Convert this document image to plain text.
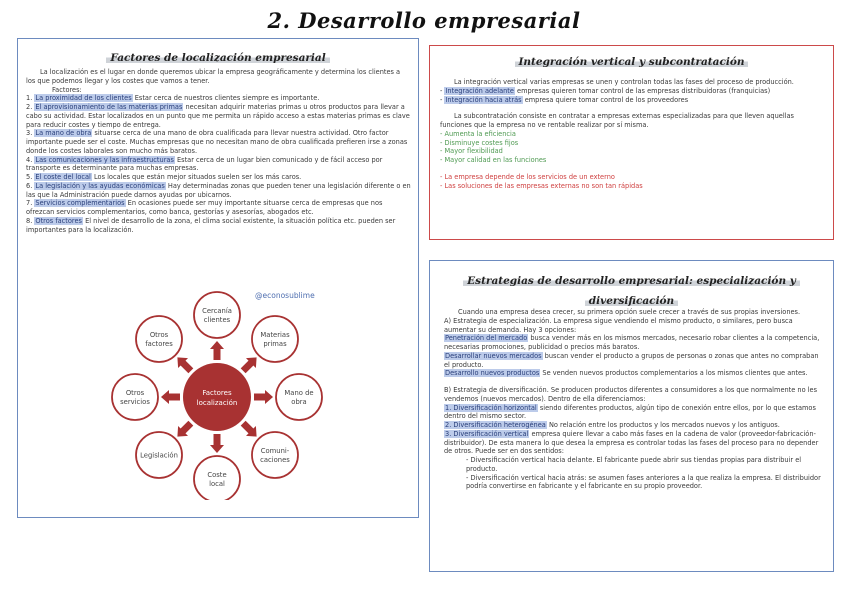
2. Desarrollo empresarial
Factores de localización empresarial

La localización es el lugar en donde queremos ubicar la empresa geográficamente y determina los clientes a los que podemos llegar y los costes que vamos a tener.

Factores:

1. La proximidad de los clientes Estar cerca de nuestros clientes siempre es importante.

2. El aprovisionamiento de las materias primas necesitan adquirir materias primas u otros productos para llevar a cabo su actividad. Estar localizados en un punto que me permita un rápido acceso a estas materias primas es clave para reducir costes y tiempo de entrega.

3. La mano de obra situarse cerca de una mano de obra cualificada para llevar nuestra actividad. Otro factor importante puede ser el coste. Muchas empresas que no necesitan mano de obra cualificada prefieren irse a zonas donde los costes laborales son mucho más baratos.

4. Las comunicaciones y las infraestructuras Estar cerca de un lugar bien comunicado y de fácil acceso por transporte es determinante para muchas empresas.

5. El coste del local Los locales que están mejor situados suelen ser los más caros.

6. La legislación y las ayudas económicas Hay determinadas zonas que pueden tener una legislación diferente o en las que la Administración puede darnos ayudas por ubicarnos.

7. Servicios complementarios En ocasiones puede ser muy importante situarse cerca de empresas que nos ofrezcan servicios complementarios, como banca, gestorías y asesorías, abogados etc.

8. Otros factores El nivel de desarrollo de la zona, el clima social existente, la situación política etc. pueden ser importantes para la localización.

@econosublime
Cercanía
clientes
Materias
primas
Mano de
obra
Comuni-
caciones
Coste
local
Legislación
Otros
servicios
Otros
factores
Factores
localización
Integración vertical y subcontratación

La integración vertical varias empresas se unen y controlan todas las fases del proceso de producción.

- Integración adelante empresas quieren tomar control de las empresas distribuidoras (franquicias)

- Integración hacia atrás empresa quiere tomar control de los proveedores

La subcontratación consiste en contratar a empresas externas especializadas para que lleven aquellas funciones que la empresa no ve rentable realizar por sí misma.

- Aumenta la eficiencia

- Disminuye costes fijos

- Mayor flexibilidad

- Mayor calidad en las funciones

- La empresa depende de los servicios de un externo

- Las soluciones de las empresas externas no son tan rápidas

Estrategias de desarrollo empresarial: especialización y
diversificación

Cuando una empresa desea crecer, su primera opción suele crecer a través de sus propias inversiones.

A) Estrategia de especialización. La empresa sigue vendiendo el mismo producto, o similares, pero busca aumentar su demanda. Hay 3 opciones:

Penetración del mercado busca vender más en los mismos mercados, necesario robar clientes a la competencia, necesarias promociones, publicidad o precios más baratos.

Desarrollar nuevos mercados buscan vender el producto a grupos de personas o zonas que antes no compraban el producto.

Desarrollo nuevos productos Se venden nuevos productos complementarios a los mismos clientes que antes.

B) Estrategia de diversificación. Se producen productos diferentes a consumidores a los que normalmente no les vendemos (nuevos mercados). Dentro de ella diferenciamos:

1. Diversificación horizontal siendo diferentes productos, algún tipo de conexión entre ellos, por lo que estamos dentro del mismo sector.

2. Diversificación heterogénea No relación entre los productos y los mercados nuevos y los antiguos.

3. Diversificación vertical empresa quiere llevar a cabo más fases en la cadena de valor (proveedor-fabricación-distribuidor). De esta manera lo que desea la empresa es controlar todas las fases del proceso para no depender de otros. Puede ser en dos sentidos:

- Diversificación vertical hacia delante. El fabricante puede abrir sus tiendas propias para distribuir el producto.

- Diversificación vertical hacia atrás: se asumen fases anteriores a la que realiza la empresa. El distribuidor podría convertirse en fabricante y el fabricante en su propio proveedor.
